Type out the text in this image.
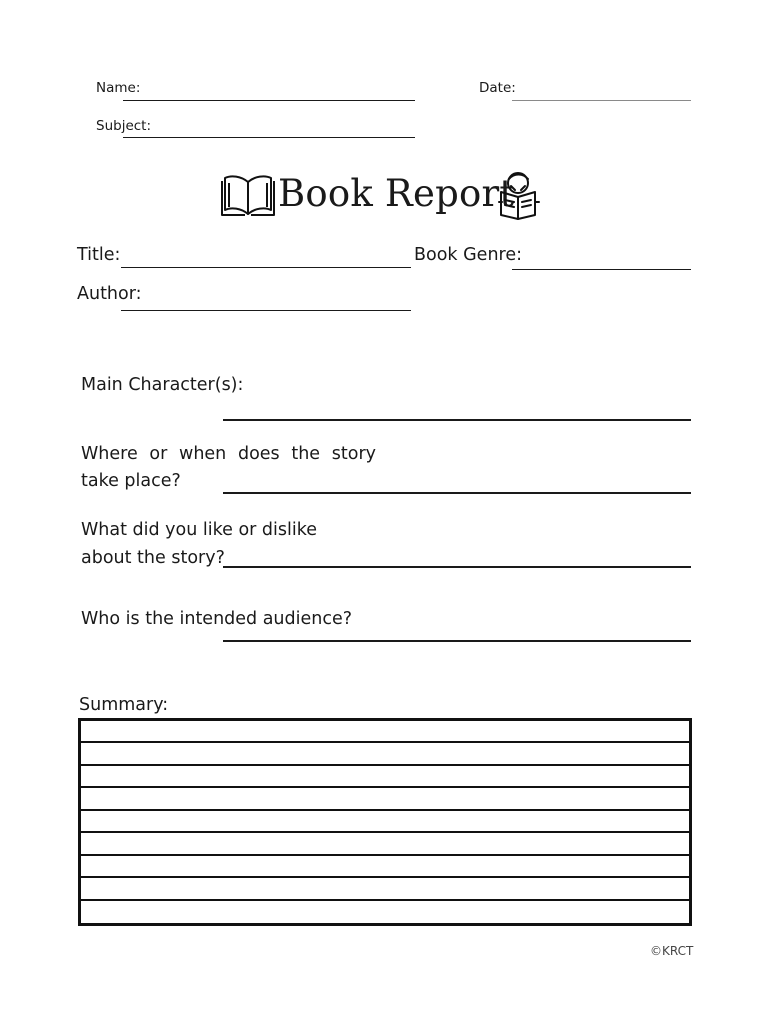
Name:	Date:
Subject:
Book Report
Title:	Book Genre:
Author:
Main Character(s):
Where or when does the story
take place?
What did you like or dislike
about the story?
Who is the intended audience?
Summary:
©KRCT
